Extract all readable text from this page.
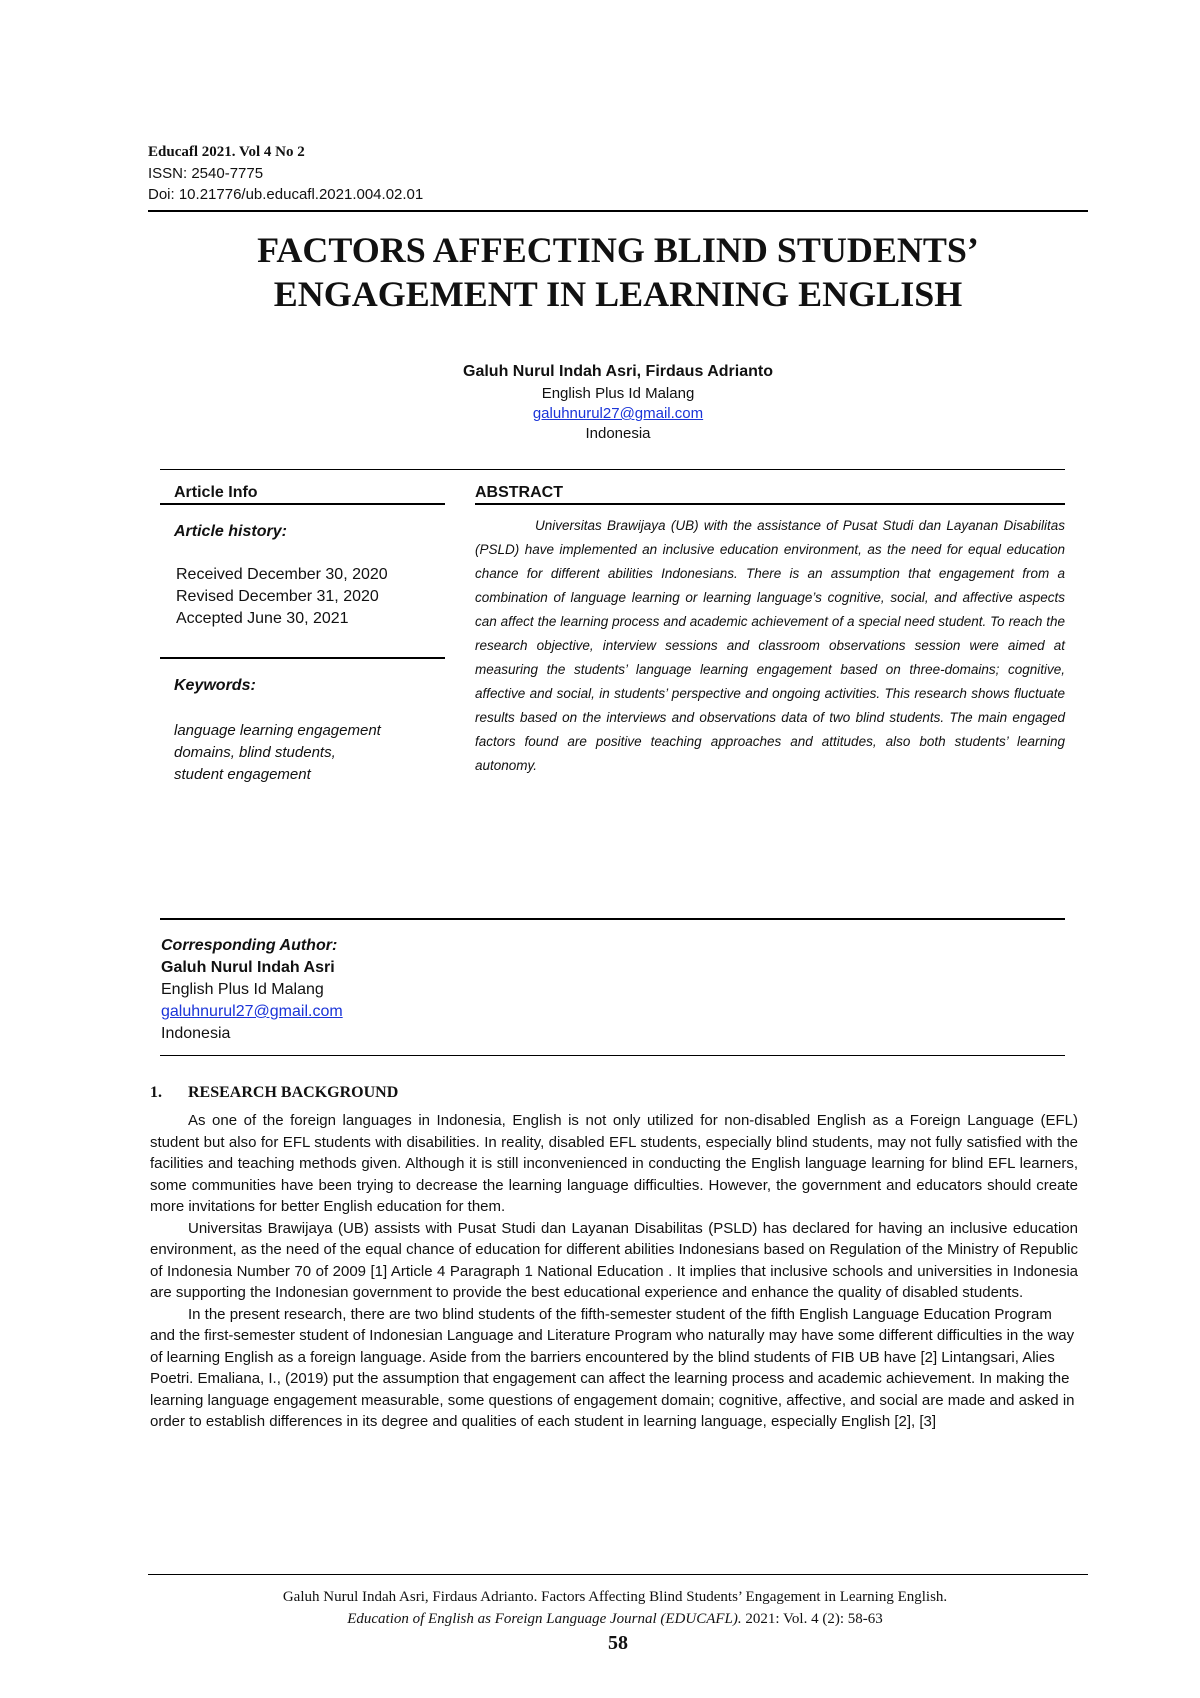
Educafl 2021. Vol 4 No 2
ISSN: 2540-7775
Doi: 10.21776/ub.educafl.2021.004.02.01
FACTORS AFFECTING BLIND STUDENTS’
ENGAGEMENT IN LEARNING ENGLISH
Galuh Nurul Indah Asri, Firdaus Adrianto
English Plus Id Malang
galuhnurul27@gmail.com
Indonesia
Article Info	ABSTRACT
Article history:
Received December 30, 2020
Revised December 31, 2020
Accepted June 30, 2021
Keywords:
language learning engagement
domains, blind students,
student engagement
Universitas Brawijaya (UB) with the assistance of Pusat Studi dan Layanan Disabilitas (PSLD) have implemented an inclusive education environment, as the need for equal education chance for different abilities Indonesians. There is an assumption that engagement from a combination of language learning or learning language’s cognitive, social, and affective aspects can affect the learning process and academic achievement of a special need student. To reach the research objective, interview sessions and classroom observations session were aimed at measuring the students’ language learning engagement based on three-domains; cognitive, affective and social, in students’ perspective and ongoing activities. This research shows fluctuate results based on the interviews and observations data of two blind students. The main engaged factors found are positive teaching approaches and attitudes, also both students’ learning autonomy.
Corresponding Author:
Galuh Nurul Indah Asri
English Plus Id Malang
galuhnurul27@gmail.com
Indonesia
1. RESEARCH BACKGROUND

As one of the foreign languages in Indonesia, English is not only utilized for non-disabled English as a Foreign Language (EFL) student but also for EFL students with disabilities. In reality, disabled EFL students, especially blind students, may not fully satisfied with the facilities and teaching methods given. Although it is still inconvenienced in conducting the English language learning for blind EFL learners, some communities have been trying to decrease the learning language difficulties. However, the government and educators should create more invitations for better English education for them.

Universitas Brawijaya (UB) assists with Pusat Studi dan Layanan Disabilitas (PSLD) has declared for having an inclusive education environment, as the need of the equal chance of education for different abilities Indonesians based on Regulation of the Ministry of Republic of Indonesia Number 70 of 2009 [1] Article 4 Paragraph 1 National Education . It implies that inclusive schools and universities in Indonesia are supporting the Indonesian government to provide the best educational experience and enhance the quality of disabled students.

In the present research, there are two blind students of the fifth-semester student of the fifth English Language Education Program and the first-semester student of Indonesian Language and Literature Program who naturally may have some different difficulties in the way of learning English as a foreign language. Aside from the barriers encountered by the blind students of FIB UB have [2] Lintangsari, Alies Poetri. Emaliana, I., (2019) put the assumption that engagement can affect the learning process and academic achievement. In making the learning language engagement measurable, some questions of engagement domain; cognitive, affective, and social are made and asked in order to establish differences in its degree and qualities of each student in learning language, especially English [2], [3]

Galuh Nurul Indah Asri, Firdaus Adrianto. Factors Affecting Blind Students’ Engagement in Learning English.
Education of English as Foreign Language Journal (EDUCAFL). 2021: Vol. 4 (2): 58-63
58
